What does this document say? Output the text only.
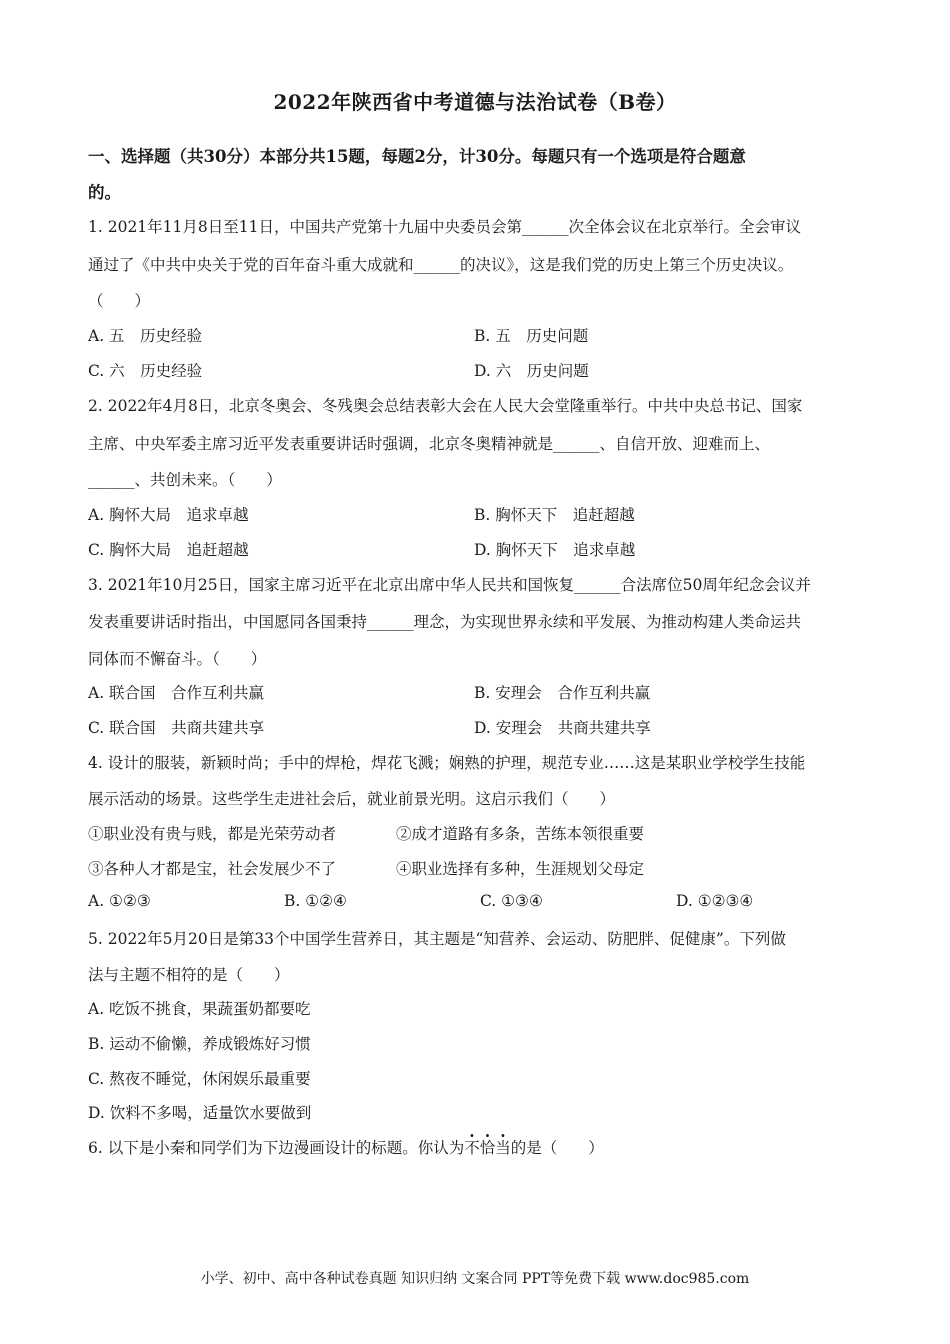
2022年陕西省中考道德与法治试卷（B卷）
一、选择题（共30分）本部分共15题，每题2分，计30分。每题只有一个选项是符合题意
的。
1. 2021年11月8日至11日，中国共产党第十九届中央委员会第______次全体会议在北京举行。全会审议
通过了《中共中央关于党的百年奋斗重大成就和______的决议》，这是我们党的历史上第三个历史决议。
（　　）
A. 五　历史经验	B. 五　历史问题
C. 六　历史经验	D. 六　历史问题
2. 2022年4月8日，北京冬奥会、冬残奥会总结表彰大会在人民大会堂隆重举行。中共中央总书记、国家
主席、中央军委主席习近平发表重要讲话时强调，北京冬奥精神就是______、自信开放、迎难而上、
______、共创未来。（　　）
A. 胸怀大局　追求卓越	B. 胸怀天下　追赶超越
C. 胸怀大局　追赶超越	D. 胸怀天下　追求卓越
3. 2021年10月25日，国家主席习近平在北京出席中华人民共和国恢复______合法席位50周年纪念会议并
发表重要讲话时指出，中国愿同各国秉持______理念，为实现世界永续和平发展、为推动构建人类命运共
同体而不懈奋斗。（　　）
A. 联合国　合作互利共赢	B. 安理会　合作互利共赢
C. 联合国　共商共建共享	D. 安理会　共商共建共享
4. 设计的服装，新颖时尚；手中的焊枪，焊花飞溅；娴熟的护理，规范专业……这是某职业学校学生技能
展示活动的场景。这些学生走进社会后，就业前景光明。这启示我们（　　）
①职业没有贵与贱，都是光荣劳动者	②成才道路有多条，苦练本领很重要
③各种人才都是宝，社会发展少不了	④职业选择有多种，生涯规划父母定
A. ①②③	B. ①②④	C. ①③④	D. ①②③④
5. 2022年5月20日是第33个中国学生营养日，其主题是“知营养、会运动、防肥胖、促健康”。下列做
法与主题不相符的是（　　）
A. 吃饭不挑食，果蔬蛋奶都要吃
B. 运动不偷懒，养成锻炼好习惯
C. 熬夜不睡觉，休闲娱乐最重要
D. 饮料不多喝，适量饮水要做到
6. 以下是小秦和同学们为下边漫画设计的标题。你认为不恰当的是（　　）
小学、初中、高中各种试卷真题 知识归纳 文案合同 PPT等免费下载 www.doc985.com
